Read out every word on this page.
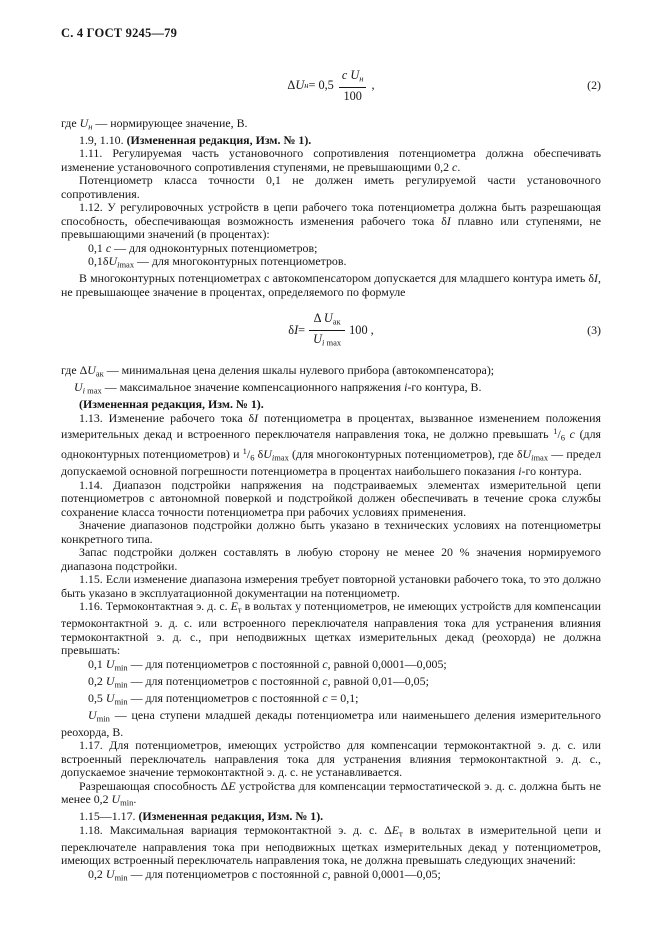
С. 4 ГОСТ 9245—79
Δ U $н = 0,5 \frac{c U_н}{100}$ ,	(2)

где $U_н$ — нормирующее значение, В.

1.9, 1.10. (Измененная редакция, Изм. № 1).

1.11. Регулируемая часть установочного сопротивления потенциометра должна обеспечивать изменение установочного сопротивления ступенями, не превышающими 0,2 с.

Потенциометр класса точности 0,1 не должен иметь регулируемой части установочного сопротивления.

1.12. У регулировочных устройств в цепи рабочего тока потенциометра должна быть разрешающая способность, обеспечивающая возможность изменения рабочего тока δI плавно или ступенями, не превышающими значений (в процентах):

0,1 с — для одноконтурных потенциометров;

$0,1\delta U_{imax}$ — для многоконтурных потенциометров.

В многоконтурных потенциометрах с автокомпенсатором допускается для младшего контура иметь δI, не превышающее значение в процентах, определяемого по формуле

δ $I = \frac{\Delta U_{ак}}{U_i _{max}} 100$ ,	(3)

где $\Delta U_{ак}$ — минимальная цена деления шкалы нулевого прибора (автокомпенсатора);

$U_i$ $_{max}$ — максимальное значение компенсационного напряжения i-го контура, В.

(Измененная редакция, Изм. № 1).

1.13. Изменение рабочего тока δI потенциометра в процентах, вызванное изменением положения измерительных декад и встроенного переключателя направления тока, не должно превышать $^1/_6$ с (для одноконтурных потенциометров) и $^1/_6$ $\delta U_{imax}$ (для многоконтурных потенциометров), где $\delta U_{imax}$ — предел допускаемой основной погрешности потенциометра в процентах наибольшего показания i-го контура.

1.14. Диапазон подстройки напряжения на подстраиваемых элементах измерительной цепи потенциометров с автономной поверкой и подстройкой должен обеспечивать в течение срока службы сохранение класса точности потенциометра при рабочих условиях применения.

Значение диапазонов подстройки должно быть указано в технических условиях на потенциометры конкретного типа.

Запас подстройки должен составлять в любую сторону не менее 20 % значения нормируемого диапазона подстройки.

1.15. Если изменение диапазона измерения требует повторной установки рабочего тока, то это должно быть указано в эксплуатационной документации на потенциометр.

1.16. Термоконтактная э. д. с. $E_т$ в вольтах у потенциометров, не имеющих устройств для компенсации термоконтактной э. д. с. или встроенного переключателя направления тока для устранения влияния термоконтактной э. д. с., при неподвижных щетках измерительных декад (реохорда) не должна превышать:

0,1 $U_{min}$ — для потенциометров с постоянной с, равной 0,0001—0,005;

0,2 $U_{min}$ — для потенциометров с постоянной с, равной 0,01—0,05;

0,5 $U_{min}$ — для потенциометров с постоянной с = 0,1;

$U_{min}$ — цена ступени младшей декады потенциометра или наименьшего деления измерительного реохорда, В.

1.17. Для потенциометров, имеющих устройство для компенсации термоконтактной э. д. с. или встроенный переключатель направления тока для устранения влияния термоконтактной э. д. с., допускаемое значение термоконтактной э. д. с. не устанавливается.

Разрешающая способность ΔE устройства для компенсации термостатической э. д. с. должна быть не менее 0,2 $U_{min}$.

1.15—1.17. (Измененная редакция, Изм. № 1).

1.18. Максимальная вариация термоконтактной э. д. с. $\Delta E_т$ в вольтах в измерительной цепи и переключателе направления тока при неподвижных щетках измерительных декад у потенциометров, имеющих встроенный переключатель направления тока, не должна превышать следующих значений:

0,2 $U_{min}$ — для потенциометров с постоянной с, равной 0,0001—0,05;
